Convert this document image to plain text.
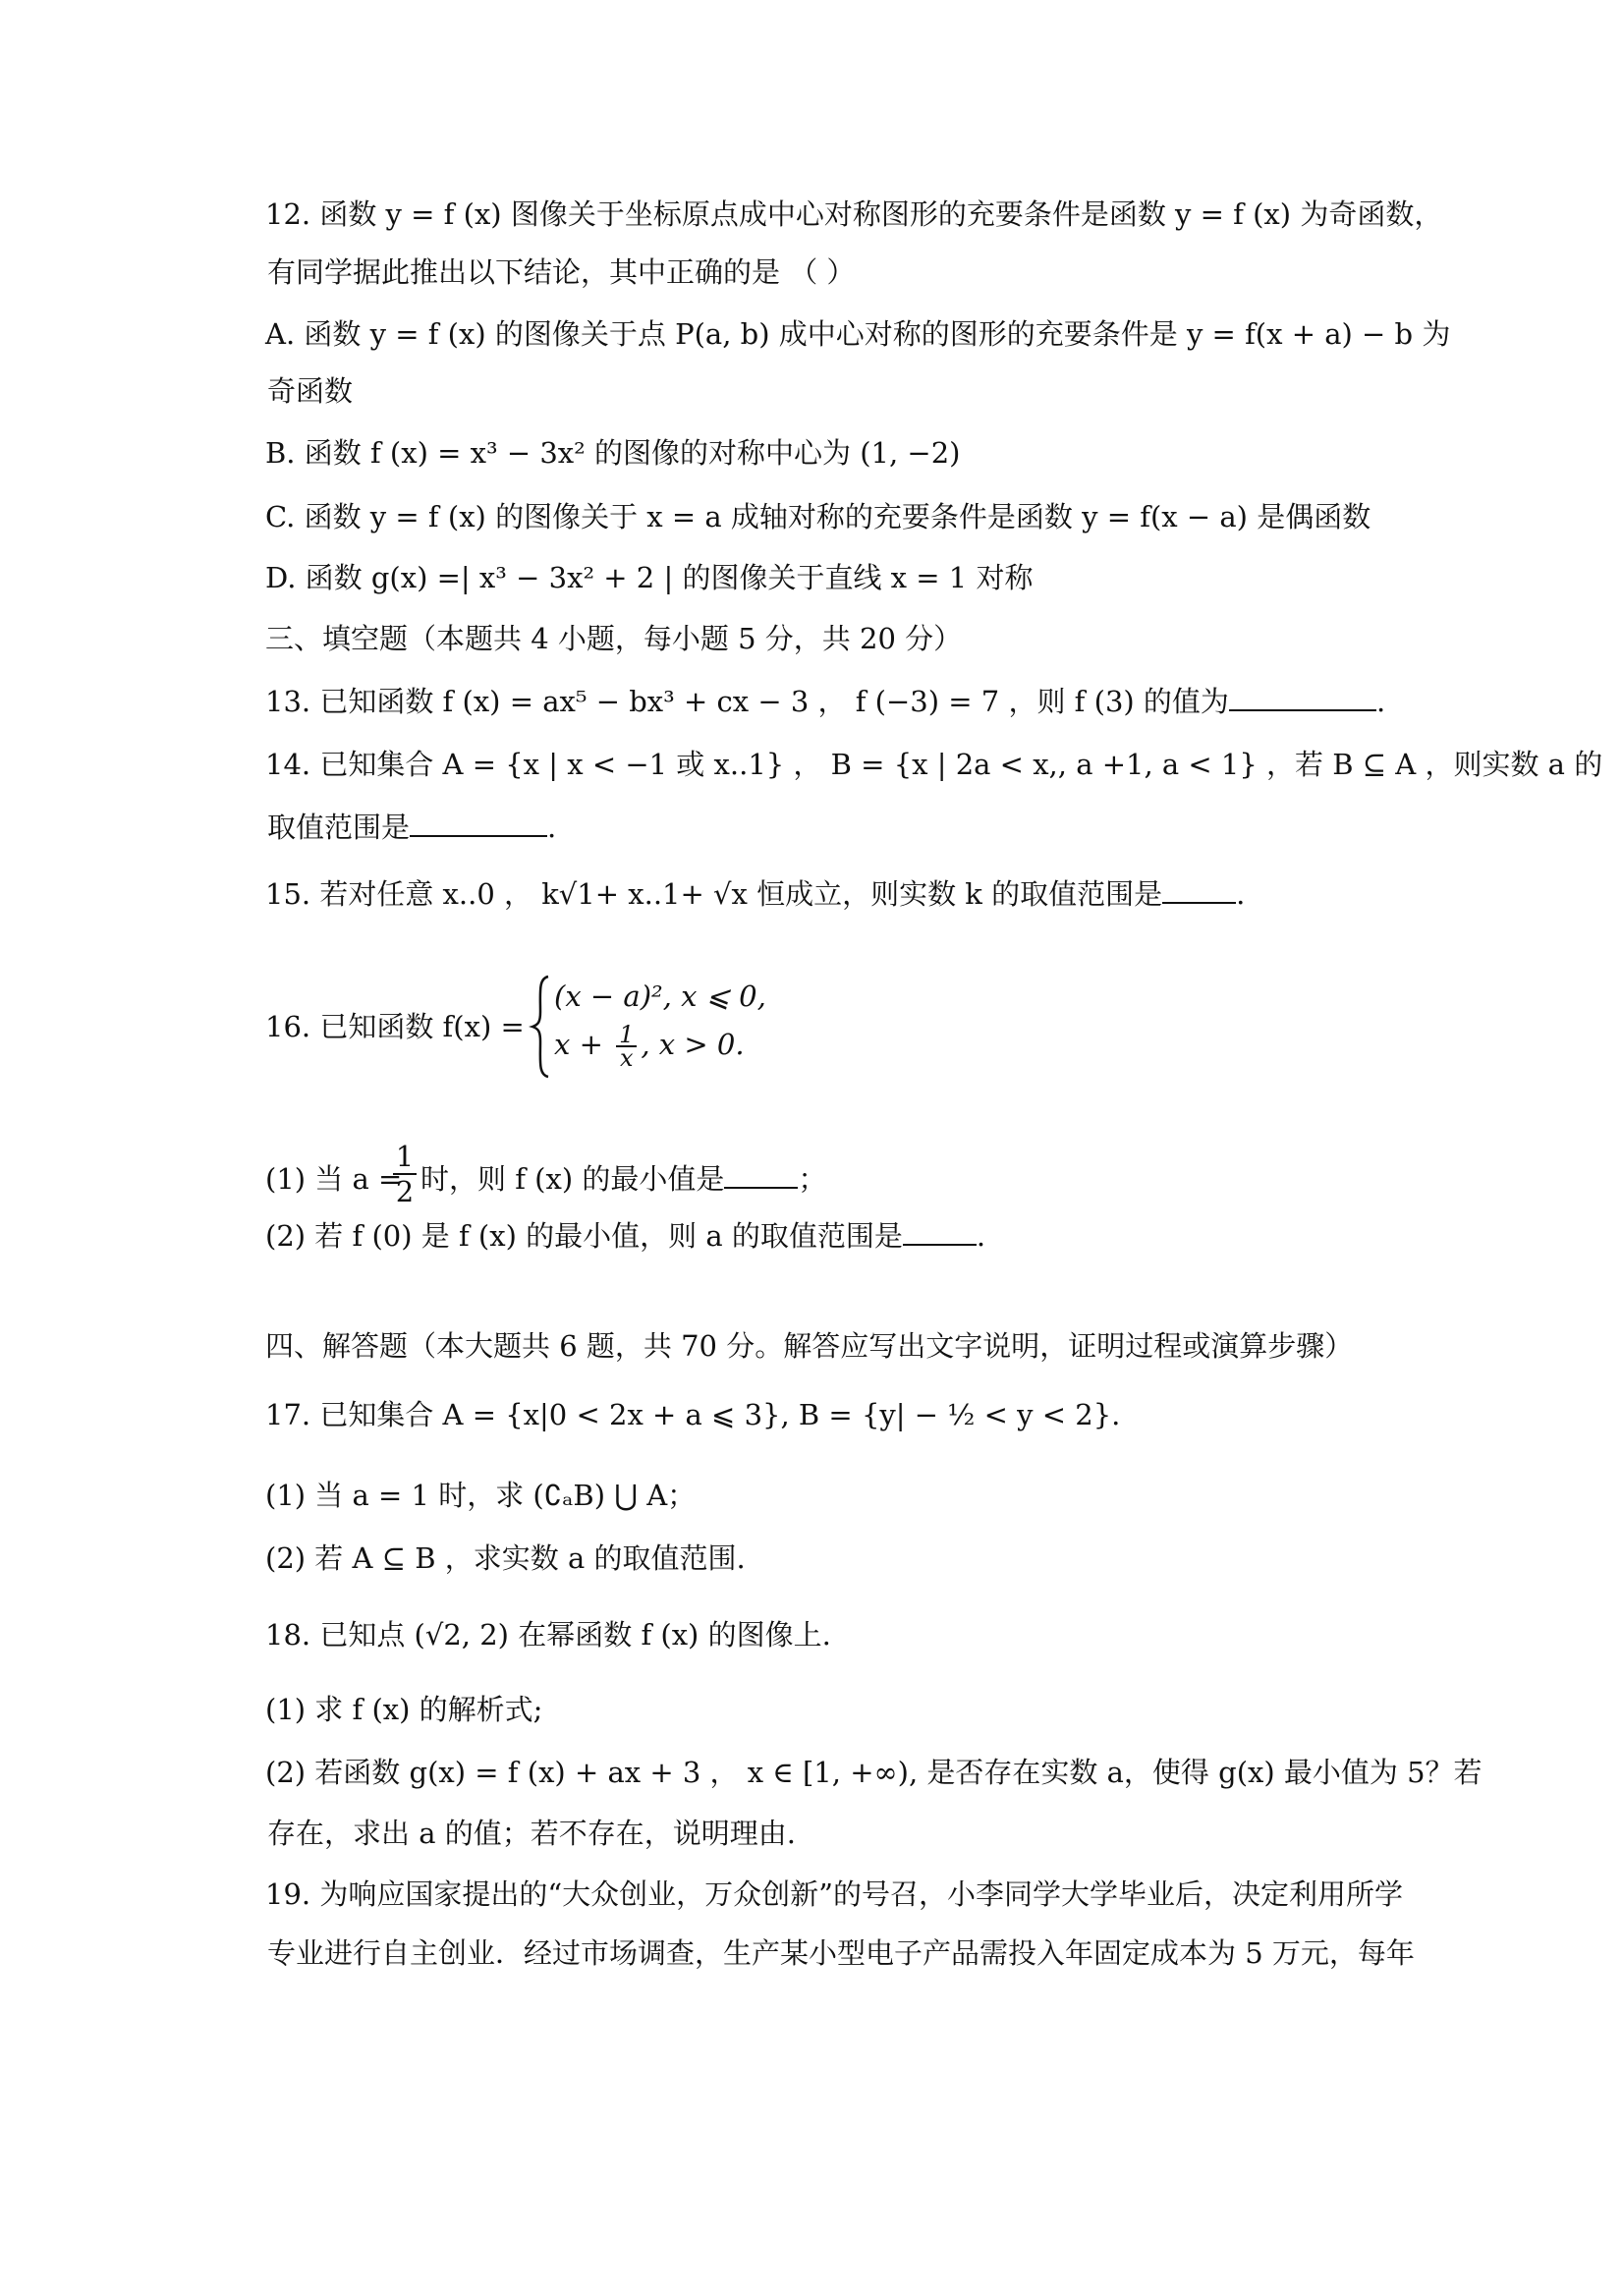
12. 函数 y = f (x) 图像关于坐标原点成中心对称图形的充要条件是函数 y = f (x) 为奇函数，
有同学据此推出以下结论，其中正确的是 （ ）
A. 函数 y = f (x) 的图像关于点 P(a, b) 成中心对称的图形的充要条件是 y = f(x + a) − b 为
奇函数
B. 函数 f (x) = x³ − 3x² 的图像的对称中心为 (1, −2)
C. 函数 y = f (x) 的图像关于 x = a 成轴对称的充要条件是函数 y = f(x − a) 是偶函数
D. 函数 g(x) =| x³ − 3x² + 2 | 的图像关于直线 x = 1 对称
三、填空题（本题共 4 小题，每小题 5 分，共 20 分）
13. 已知函数 f (x) = ax⁵ − bx³ + cx − 3 ， f (−3) = 7 ，则 f (3) 的值为	.
14. 已知集合 A = {x | x < −1 或 x..1} ， B = {x | 2a < x,, a +1, a < 1} ，若 B ⊆ A ，则实数 a 的
取值范围是	.
15. 若对任意 x..0 ， k√1+ x..1+ √x 恒成立，则实数 k 的取值范围是	.
16. 已知函数 f(x) =
(x − a)², x ⩽ 0,
$x + \frac{1}{x}$ , x > 0.
(1) 当 a =
1
2 时，则 f (x) 的最小值是	；
(2) 若 f (0) 是 f (x) 的最小值，则 a 的取值范围是	.
四、解答题（本大题共 6 题，共 70 分。解答应写出文字说明，证明过程或演算步骤）
17. 已知集合 A = {x|0 < 2x + a ⩽ 3}, B = {y| − ½ < y < 2}.
(1) 当 a = 1 时，求 (∁ₐB) ⋃ A；
(2) 若 A ⊆ B ，求实数 a 的取值范围.
18. 已知点 (√2, 2) 在幂函数 f (x) 的图像上.
(1) 求 f (x) 的解析式;
(2) 若函数 g(x) = f (x) + ax + 3 ， x ∈ [1, +∞), 是否存在实数 a，使得 g(x) 最小值为 5？若
存在，求出 a 的值；若不存在，说明理由.
19. 为响应国家提出的“大众创业，万众创新”的号召，小李同学大学毕业后，决定利用所学
专业进行自主创业．经过市场调查，生产某小型电子产品需投入年固定成本为 5 万元，每年
